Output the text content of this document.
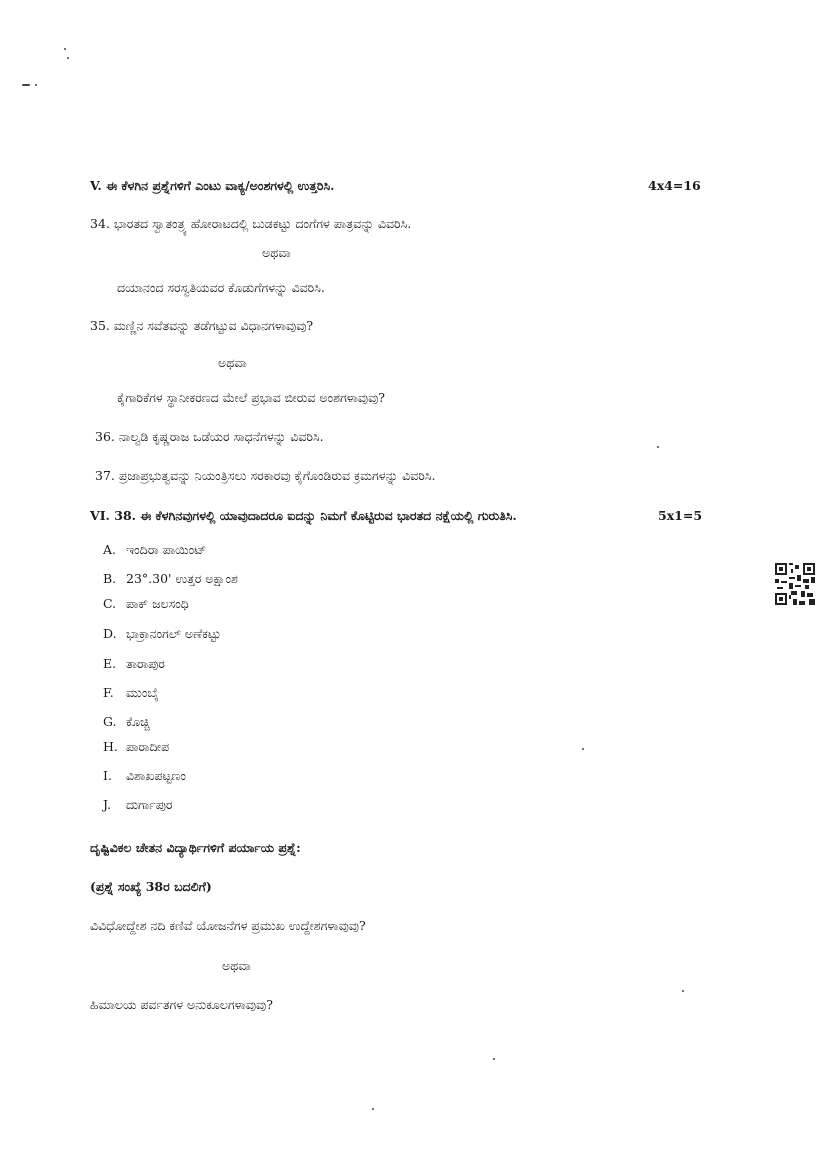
V. ಈ ಕೆಳಗಿನ ಪ್ರಶ್ನೆಗಳಿಗೆ ಎಂಟು ವಾಕ್ಯ/ಅಂಶಗಳಲ್ಲಿ ಉತ್ತರಿಸಿ.	4x4=16
34. ಭಾರತದ ಸ್ವಾತಂತ್ರ್ಯ ಹೋರಾಟದಲ್ಲಿ ಬುಡಕಟ್ಟು ದಂಗೆಗಳ ಪಾತ್ರವನ್ನು ವಿವರಿಸಿ.
ಅಥವಾ
ದಯಾನಂದ ಸರಸ್ವತಿಯವರ ಕೊಡುಗೆಗಳನ್ನು ವಿವರಿಸಿ.
35. ಮಣ್ಣಿನ ಸವೆತವನ್ನು ತಡೆಗಟ್ಟುವ ವಿಧಾನಗಳಾವುವು?
ಅಥವಾ
ಕೈಗಾರಿಕೆಗಳ ಸ್ಥಾನೀಕರಣದ ಮೇಲೆ ಪ್ರಭಾವ ಬೀರುವ ಅಂಶಗಳಾವುವು?
36. ನಾಲ್ವಡಿ ಕೃಷ್ಣರಾಜ ಒಡೆಯರ ಸಾಧನೆಗಳನ್ನು ವಿವರಿಸಿ.
37. ಪ್ರಜಾಪ್ರಭುತ್ವವನ್ನು ನಿಯಂತ್ರಿಸಲು ಸರಕಾರವು ಕೈಗೊಂಡಿರುವ ಕ್ರಮಗಳನ್ನು ವಿವರಿಸಿ.
VI. 38. ಈ ಕೆಳಗಿನವುಗಳಲ್ಲಿ ಯಾವುದಾದರೂ ಐದನ್ನು ನಿಮಗೆ ಕೊಟ್ಟಿರುವ ಭಾರತದ ನಕ್ಷೆಯಲ್ಲಿ ಗುರುತಿಸಿ.	5x1=5
A. ಇಂದಿರಾ ಪಾಯಿಂಟ್
B. 23°.30' ಉತ್ತರ ಅಕ್ಷಾಂಶ
C. ಪಾಕ್ ಜಲಸಂಧಿ
D. ಭಾಕ್ರಾನಂಗಲ್ ಅಣೆಕಟ್ಟು
E. ತಾರಾಪುರ
F. ಮುಂಬೈ
G. ಕೊಚ್ಚಿ
H. ಪಾರಾದೀಪ
I. ವಿಶಾಖಪಟ್ಟಣಂ
J. ದುರ್ಗಾಪುರ
ದೃಷ್ಟಿವಿಕಲ ಚೇತನ ವಿದ್ಯಾರ್ಥಿಗಳಿಗೆ ಪರ್ಯಾಯ ಪ್ರಶ್ನೆ:
(ಪ್ರಶ್ನೆ ಸಂಖ್ಯೆ 38ರ ಬದಲಿಗೆ)
ವಿವಿಧೋದ್ದೇಶ ನದಿ ಕಣಿವೆ ಯೋಜನೆಗಳ ಪ್ರಮುಖ ಉದ್ದೇಶಗಳಾವುವು?
ಅಥವಾ
ಹಿಮಾಲಯ ಪರ್ವತಗಳ ಅನುಕೂಲಗಳಾವುವು?
